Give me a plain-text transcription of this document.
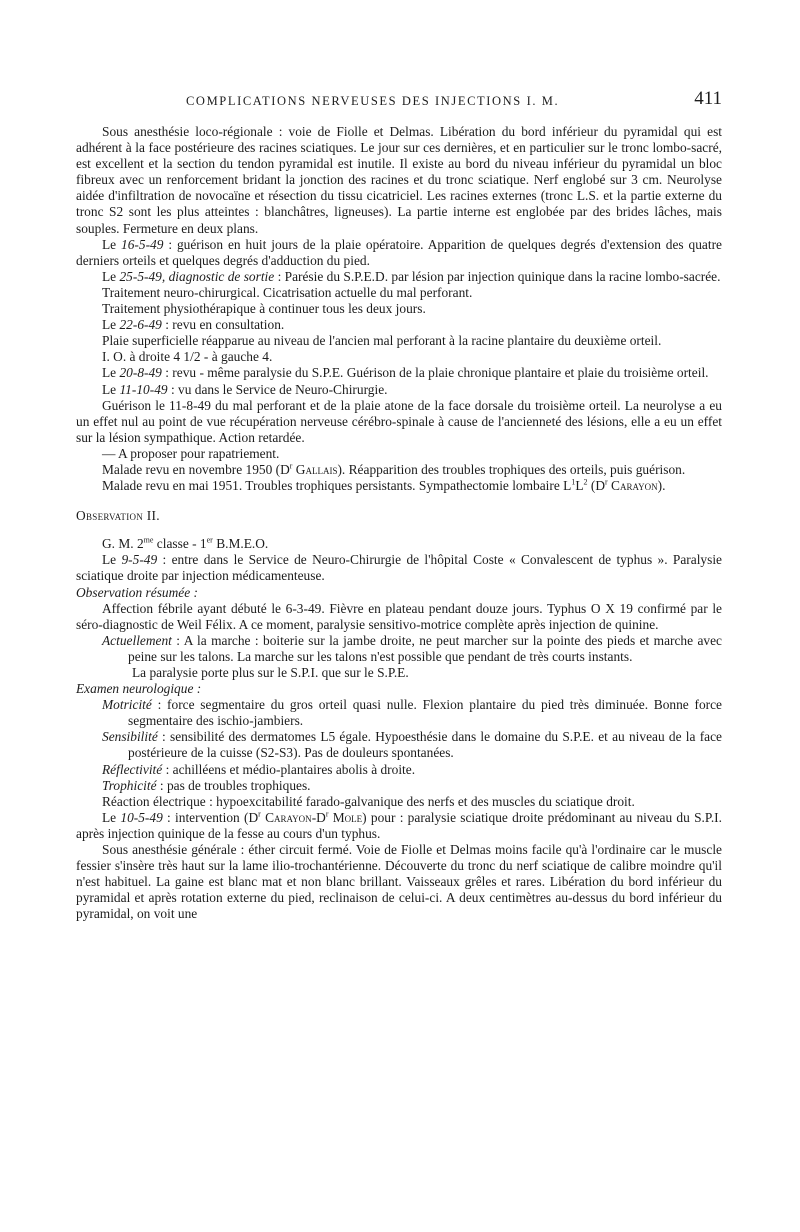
COMPLICATIONS NERVEUSES DES INJECTIONS I. M.	411

Sous anesthésie loco-régionale : voie de Fiolle et Delmas. Libération du bord inférieur du pyramidal qui est adhérent à la face postérieure des racines sciatiques. Le jour sur ces dernières, et en particulier sur le tronc lombo-sacré, est excellent et la section du tendon pyramidal est inutile. Il existe au bord du niveau inférieur du pyramidal un bloc fibreux avec un renforcement bridant la jonction des racines et du tronc sciatique. Nerf englobé sur 3 cm. Neurolyse aidée d'infiltration de novocaïne et résection du tissu cicatriciel. Les racines externes (tronc L.S. et la partie externe du tronc S2 sont les plus atteintes : blanchâtres, ligneuses). La partie interne est englobée par des brides lâches, mais souples. Fermeture en deux plans.

Le 16-5-49 : guérison en huit jours de la plaie opératoire. Apparition de quelques degrés d'extension des quatre derniers orteils et quelques degrés d'adduction du pied.

Le 25-5-49, diagnostic de sortie : Parésie du S.P.E.D. par lésion par injection quinique dans la racine lombo-sacrée.

Traitement neuro-chirurgical. Cicatrisation actuelle du mal perforant.

Traitement physiothérapique à continuer tous les deux jours.

Le 22-6-49 : revu en consultation.

Plaie superficielle réapparue au niveau de l'ancien mal perforant à la racine plantaire du deuxième orteil.

I. O. à droite 4 1/2 - à gauche 4.

Le 20-8-49 : revu - même paralysie du S.P.E. Guérison de la plaie chronique plantaire et plaie du troisième orteil.

Le 11-10-49 : vu dans le Service de Neuro-Chirurgie.

Guérison le 11-8-49 du mal perforant et de la plaie atone de la face dorsale du troisième orteil. La neurolyse a eu un effet nul au point de vue récupération nerveuse cérébro-spinale à cause de l'ancienneté des lésions, elle a eu un effet sur la lésion sympathique. Action retardée.

— A proposer pour rapatriement.

Malade revu en novembre 1950 ($D^r$ Gallais). Réapparition des troubles trophiques des orteils, puis guérison.

Malade revu en mai 1951. Troubles trophiques persistants. Sympathectomie lombaire $L^1L^2$ ($D^r$ Carayon).

Observation II.

G. M. $2^{me}$ classe - 1er B.M.E.O.

Le 9-5-49 : entre dans le Service de Neuro-Chirurgie de l'hôpital Coste « Convalescent de typhus ». Paralysie sciatique droite par injection médicamenteuse.

Observation résumée :

Affection fébrile ayant débuté le 6-3-49. Fièvre en plateau pendant douze jours. Typhus O X 19 confirmé par le séro-diagnostic de Weil Félix. A ce moment, paralysie sensitivo-motrice complète après injection de quinine.

Actuellement : A la marche : boiterie sur la jambe droite, ne peut marcher sur la pointe des pieds et marche avec peine sur les talons. La marche sur les talons n'est possible que pendant de très courts instants.

La paralysie porte plus sur le S.P.I. que sur le S.P.E.

Examen neurologique :

Motricité : force segmentaire du gros orteil quasi nulle. Flexion plantaire du pied très diminuée. Bonne force segmentaire des ischio-jambiers.

Sensibilité : sensibilité des dermatomes L5 égale. Hypoesthésie dans le domaine du S.P.E. et au niveau de la face postérieure de la cuisse (S2-S3). Pas de douleurs spontanées.

Réflectivité : achilléens et médio-plantaires abolis à droite.

Trophicité : pas de troubles trophiques.

Réaction électrique : hypoexcitabilité farado-galvanique des nerfs et des muscles du sciatique droit.

Le 10-5-49 : intervention ($D^r$ Carayon-$D^r$ Mole) pour : paralysie sciatique droite prédominant au niveau du S.P.I. après injection quinique de la fesse au cours d'un typhus.

Sous anesthésie générale : éther circuit fermé. Voie de Fiolle et Delmas moins facile qu'à l'ordinaire car le muscle fessier s'insère très haut sur la lame ilio-trochantérienne. Découverte du tronc du nerf sciatique de calibre moindre qu'il n'est habituel. La gaine est blanc mat et non blanc brillant. Vaisseaux grêles et rares. Libération du bord inférieur du pyramidal et après rotation externe du pied, reclinaison de celui-ci. A deux centimètres au-dessus du bord inférieur du pyramidal, on voit une
